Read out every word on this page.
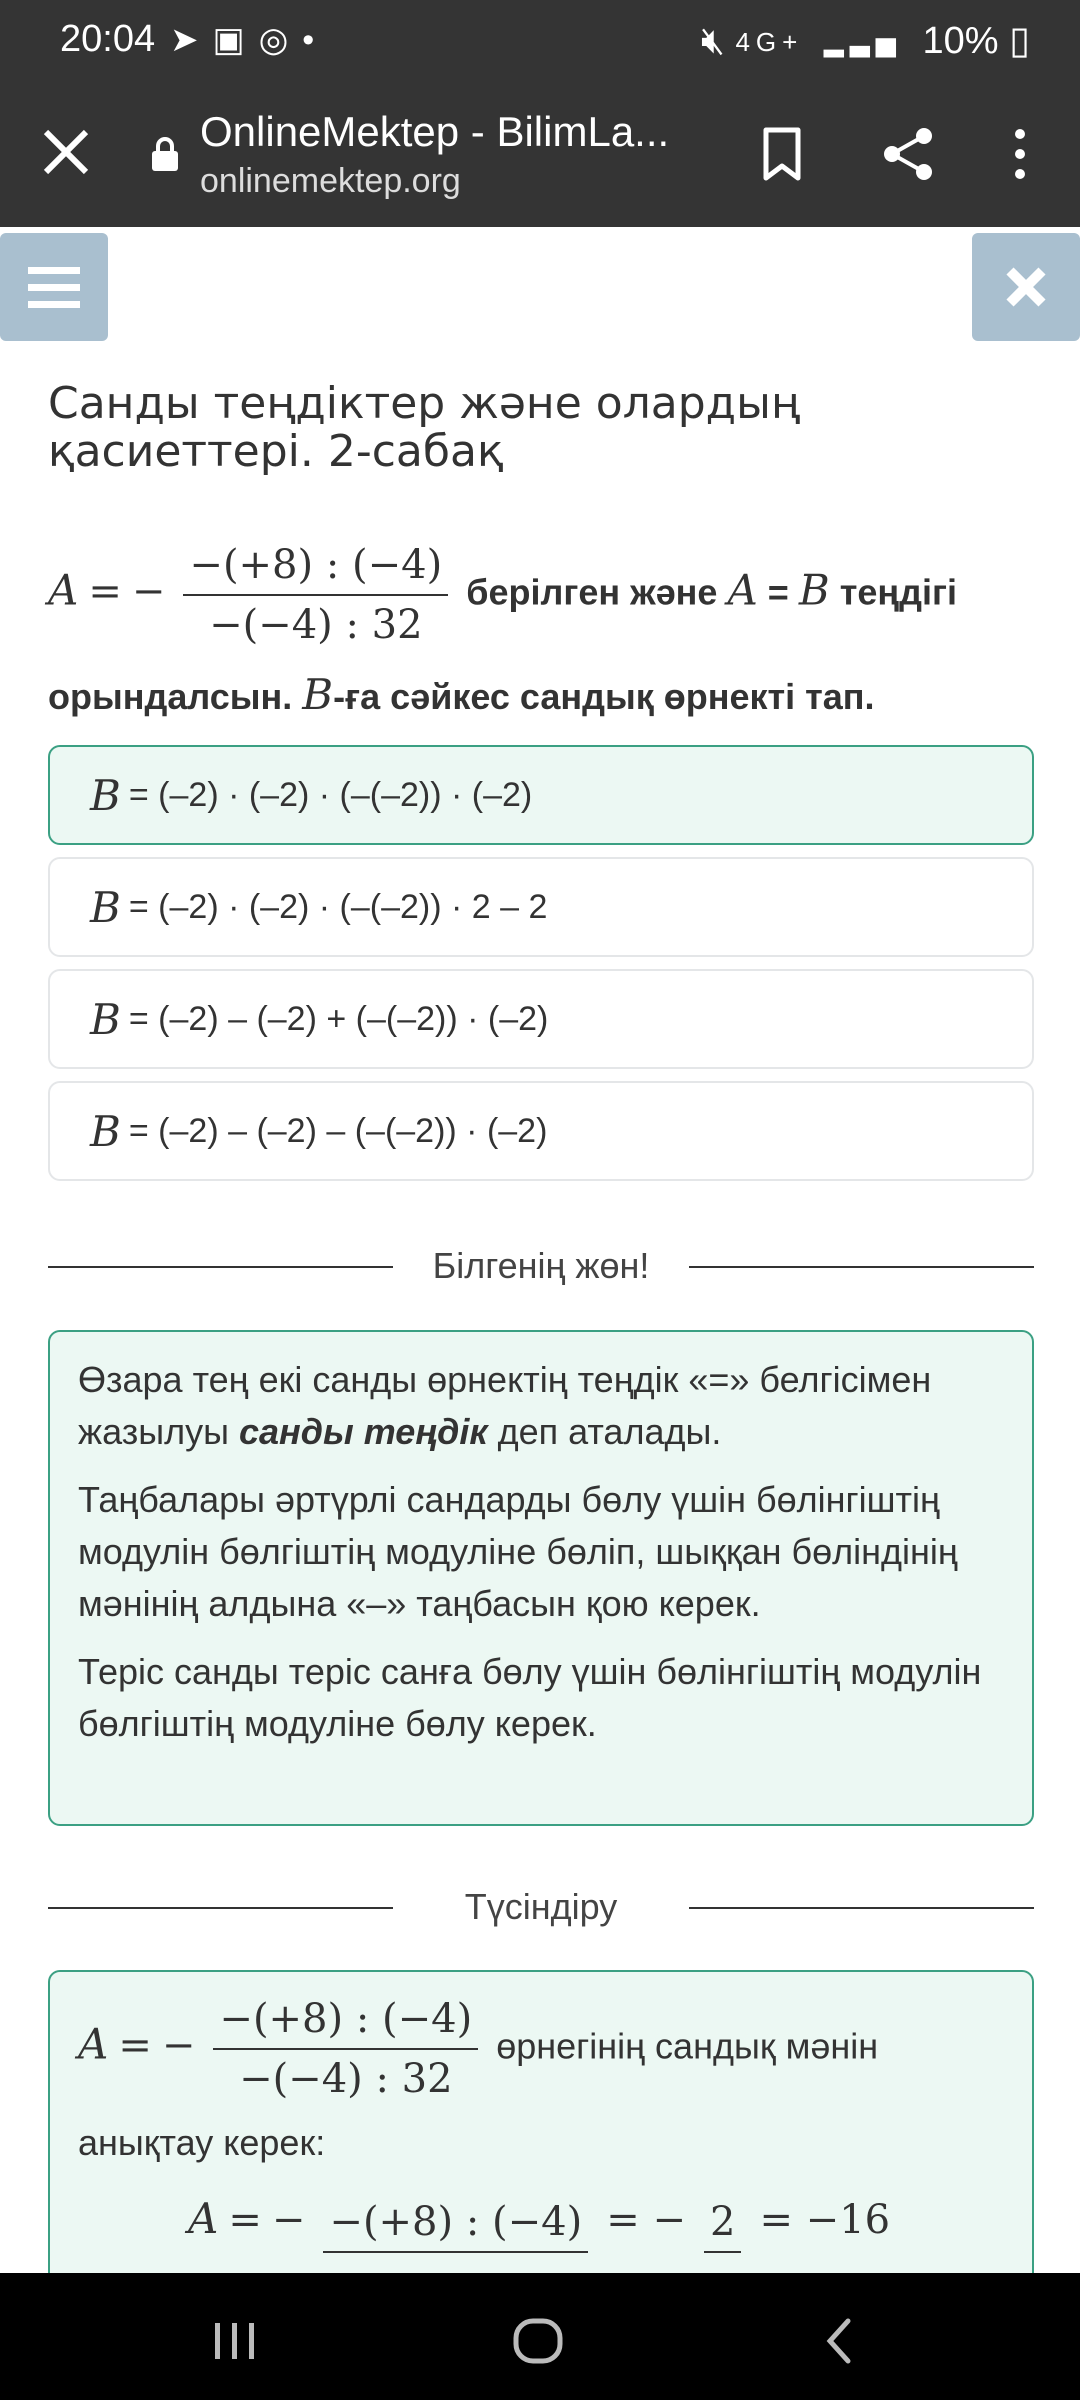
20:04 ➤▣◎•	🔇︎ 4G+ ▂▃▅ 10% ▯
OnlineMektep - BilimLa...
onlinemektep.org
Санды теңдіктер және олардың қасиеттері. 2-сабақ
A = − $\frac{-(+8) : (-4)}{-(-4) : 32}$ берілген және A = B теңдігі орындалсын. B-ға сәйкес сандық өрнекті тап.
B = (–2) · (–2) · (–(–2)) · (–2)
B = (–2) · (–2) · (–(–2)) · 2 – 2
B = (–2) – (–2) + (–(–2)) · (–2)
B = (–2) – (–2) – (–(–2)) · (–2)
Білгенің жөн!

Өзара тең екі санды өрнектің теңдік «=» белгісімен жазылуы санды теңдік деп аталады.

Таңбалары әртүрлі сандарды бөлу үшін бөлінгіштің модулін бөлгіштің модуліне бөліп, шыққан бөліндінің мәнінің алдына «–» таңбасын қою керек.

Теріс санды теріс санға бөлу үшін бөлінгіштің модулін бөлгіштің модуліне бөлу керек.

Түсіндіру
A = − $\frac{-(+8) : (-4)}{-(-4) : 32}$ өрнегінің сандық мәнін анықтау керек:
A = − −(+8) : (−4) = − 2 = −16
